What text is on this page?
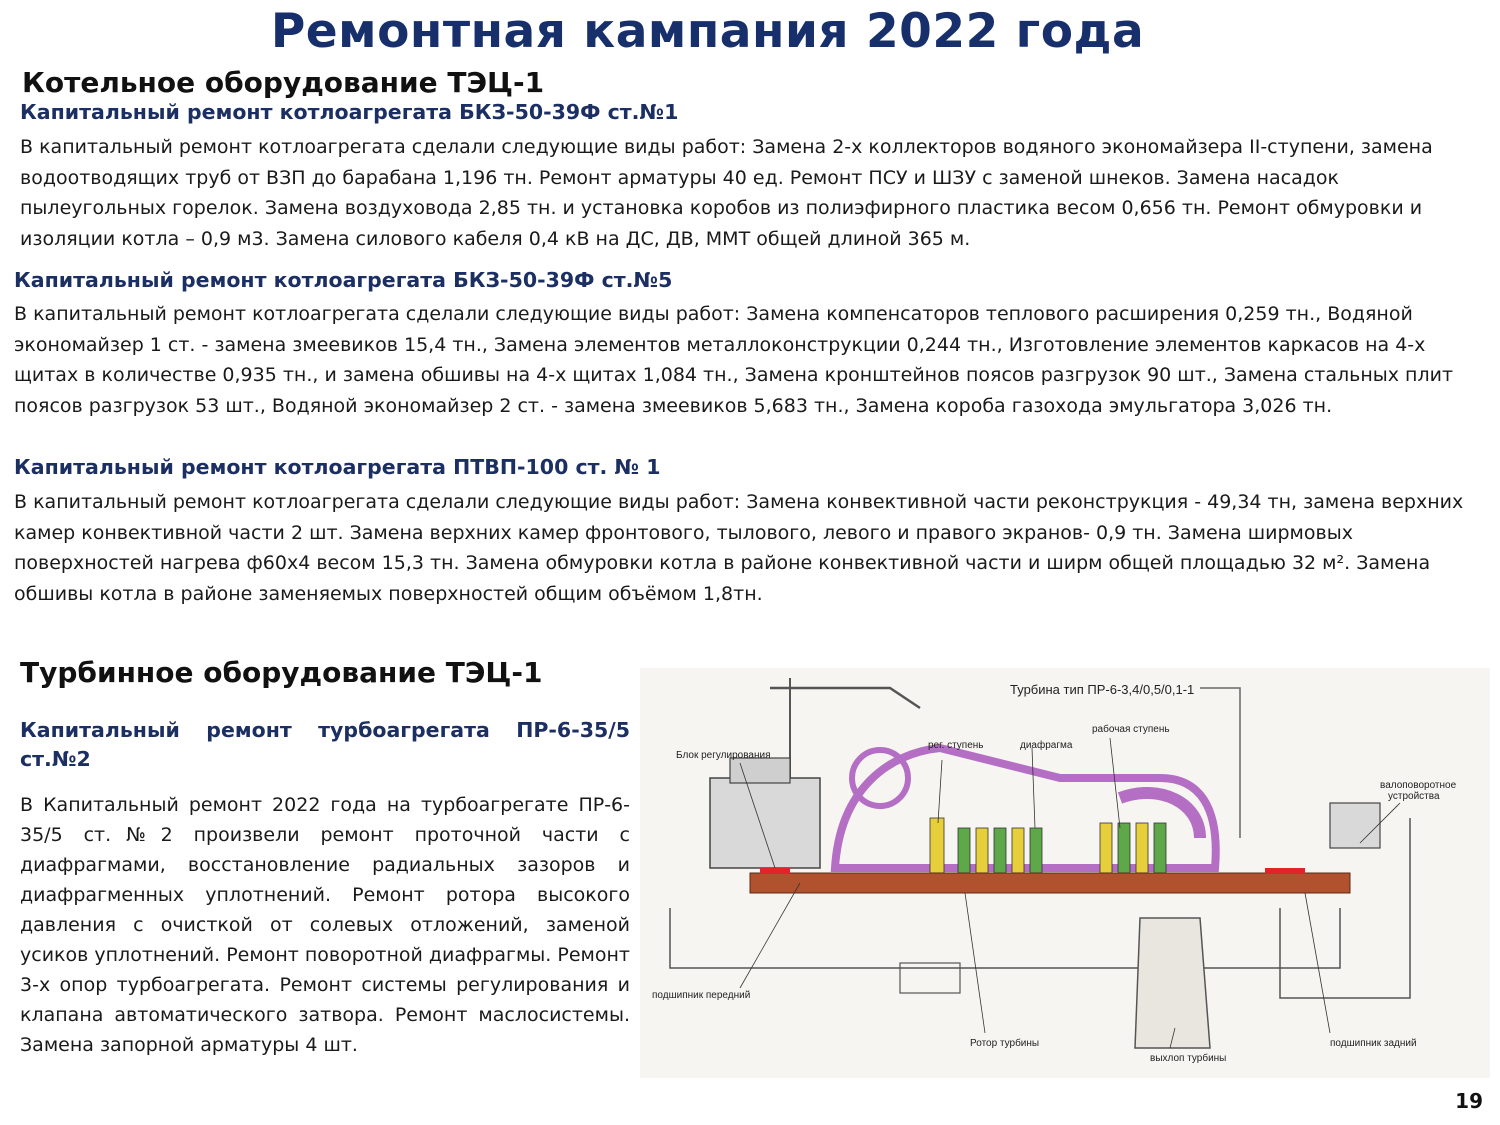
Ремонтная кампания 2022 года
Котельное оборудование ТЭЦ-1
Капитальный ремонт котлоагрегата БКЗ-50-39Ф ст.№1
В капитальный ремонт котлоагрегата сделали следующие виды работ: Замена 2-х коллекторов водяного экономайзера II-ступени, замена водоотводящих труб от ВЗП до барабана 1,196 тн. Ремонт арматуры 40 ед. Ремонт ПСУ и ШЗУ с заменой шнеков. Замена насадок пылеугольных горелок. Замена воздуховода 2,85 тн. и установка коробов из полиэфирного пластика весом 0,656 тн. Ремонт обмуровки и изоляции котла – 0,9 м3. Замена силового кабеля 0,4 кВ на ДС, ДВ, ММТ общей длиной 365 м.
Капитальный ремонт котлоагрегата БКЗ-50-39Ф ст.№5
В капитальный ремонт котлоагрегата сделали следующие виды работ: Замена компенсаторов теплового расширения 0,259 тн., Водяной экономайзер 1 ст. - замена змеевиков 15,4 тн., Замена элементов металлоконструкции 0,244 тн., Изготовление элементов каркасов на 4-х щитах в количестве 0,935 тн., и замена обшивы на 4-х щитах 1,084 тн., Замена кронштейнов поясов разгрузок 90 шт., Замена стальных плит поясов разгрузок 53 шт., Водяной экономайзер 2 ст. - замена змеевиков 5,683 тн., Замена короба газохода эмульгатора 3,026 тн.
Капитальный ремонт котлоагрегата ПТВП-100 ст. № 1
В капитальный ремонт котлоагрегата сделали следующие виды работ: Замена конвективной части реконструкция - 49,34 тн, замена верхних камер конвективной части 2 шт. Замена верхних камер фронтового, тылового, левого и правого экранов- 0,9 тн. Замена ширмовых поверхностей нагрева ф60х4 весом 15,3 тн. Замена обмуровки котла в районе конвективной части и ширм общей площадью 32 м². Замена обшивы котла в районе заменяемых поверхностей общим объёмом 1,8тн.
Турбинное оборудование ТЭЦ-1
Капитальный ремонт турбоагрегата ПР-6-35/5
ст.№2
В Капитальный ремонт 2022 года на турбоагрегате ПР-6-35/5 ст.№2 произвели ремонт проточной части с диафрагмами, восстановление радиальных зазоров и диафрагменных уплотнений. Ремонт ротора высокого давления с очисткой от солевых отложений, заменой усиков уплотнений. Ремонт поворотной диафрагмы. Ремонт 3-х опор турбоагрегата. Ремонт системы регулирования и клапана автоматического затвора. Ремонт маслосистемы. Замена запорной арматуры 4 шт.
Турбина тип ПР-6-3,4/0,5/0,1-1
рег. ступень	диафрагма
рабочая ступень
Блок регулирования
валоповоротное
устройства
подшипник передний
Ротор турбины	подшипник задний
выхлоп турбины
19
